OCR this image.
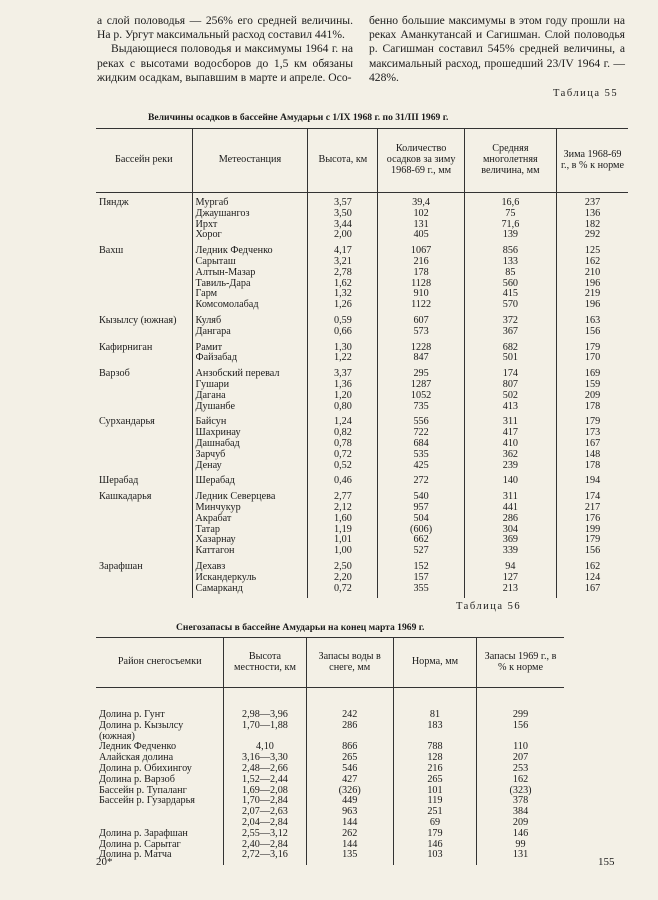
а слой половодья — 256% его средней величины. На р. Ургут максимальный расход составил 441%.

Выдающиеся половодья и максимумы 1964 г. на реках с высотами водосборов до 1,5 км обязаны жидким осадкам, выпавшим в марте и апреле. Осо-

бенно большие максимумы в этом году прошли на реках Аманкутансай и Сагишман. Слой половодья р. Сагишман составил 545% средней величины, а максимальный расход, прошедший 23/IV 1964 г. — 428%.

Таблица 55
Величины осадков в бассейне Амударьи с 1/IX 1968 г. по 31/III 1969 г.
Бассейн реки	Метеостанция	Высота, км	Количество осадков за зиму 1968-69 г., мм	Средняя многолетняя величина, мм	Зима 1968-69 г., в % к норме
Пяндж	Мургаб	3,57	39,4	16,6	237
	Джаушангоз	3,50	102	75	136
	Ирхт	3,44	131	71,6	182
	Хорог	2,00	405	139	292
Вахш	Ледник Федченко	4,17	1067	856	125
	Сарыташ	3,21	216	133	162
	Алтын-Мазар	2,78	178	85	210
	Тавиль-Дара	1,62	1128	560	196
	Гарм	1,32	910	415	219
	Комсомолабад	1,26	1122	570	196
Кызылсу (южная)	Куляб	0,59	607	372	163
	Дангара	0,66	573	367	156
Кафирниган	Рамит	1,30	1228	682	179
	Файзабад	1,22	847	501	170
Варзоб	Анзобский перевал	3,37	295	174	169
	Гушари	1,36	1287	807	159
	Дагана	1,20	1052	502	209
	Душанбе	0,80	735	413	178
Сурхандарья	Байсун	1,24	556	311	179
	Шахринау	0,82	722	417	173
	Дашнабад	0,78	684	410	167
	Зарчуб	0,72	535	362	148
	Денау	0,52	425	239	178
Шерабад	Шерабад	0,46	272	140	194
Кашкадарья	Ледник Северцева	2,77	540	311	174
	Минчукур	2,12	957	441	217
	Акрабат	1,60	504	286	176
	Татар	1,19	(606)	304	199
	Хазарнау	1,01	662	369	179
	Каттагон	1,00	527	339	156
Зарафшан	Дехавз	2,50	152	94	162
	Искандеркуль	2,20	157	127	124
	Самарканд	0,72	355	213	167
Таблица 56
Снегозапасы в бассейне Амударьи на конец марта 1969 г.
Район снегосъемки	Высота местности, км	Запасы воды в снеге, мм	Норма, мм	Запасы 1969 г., в % к норме
Долина р. Гунт	2,98—3,96	242	81	299
Долина р. Кызылсу (южная)	1,70—1,88	286	183	156
Ледник Федченко	4,10	866	788	110
Алайская долина	3,16—3,30	265	128	207
Долина р. Обихингоу	2,48—2,66	546	216	253
Долина р. Варзоб	1,52—2,44	427	265	162
Бассейн р. Тупаланг	1,69—2,08	(326)	101	(323)
Бассейн р. Гузардарья	1,70—2,84	449	119	378
	2,07—2,63	963	251	384
	2,04—2,84	144	69	209
Долина р. Зарафшан	2,55—3,12	262	179	146
Долина р. Сарытаг	2,40—2,84	144	146	99
Долина р. Матча	2,72—3,16	135	103	131
20*	155
